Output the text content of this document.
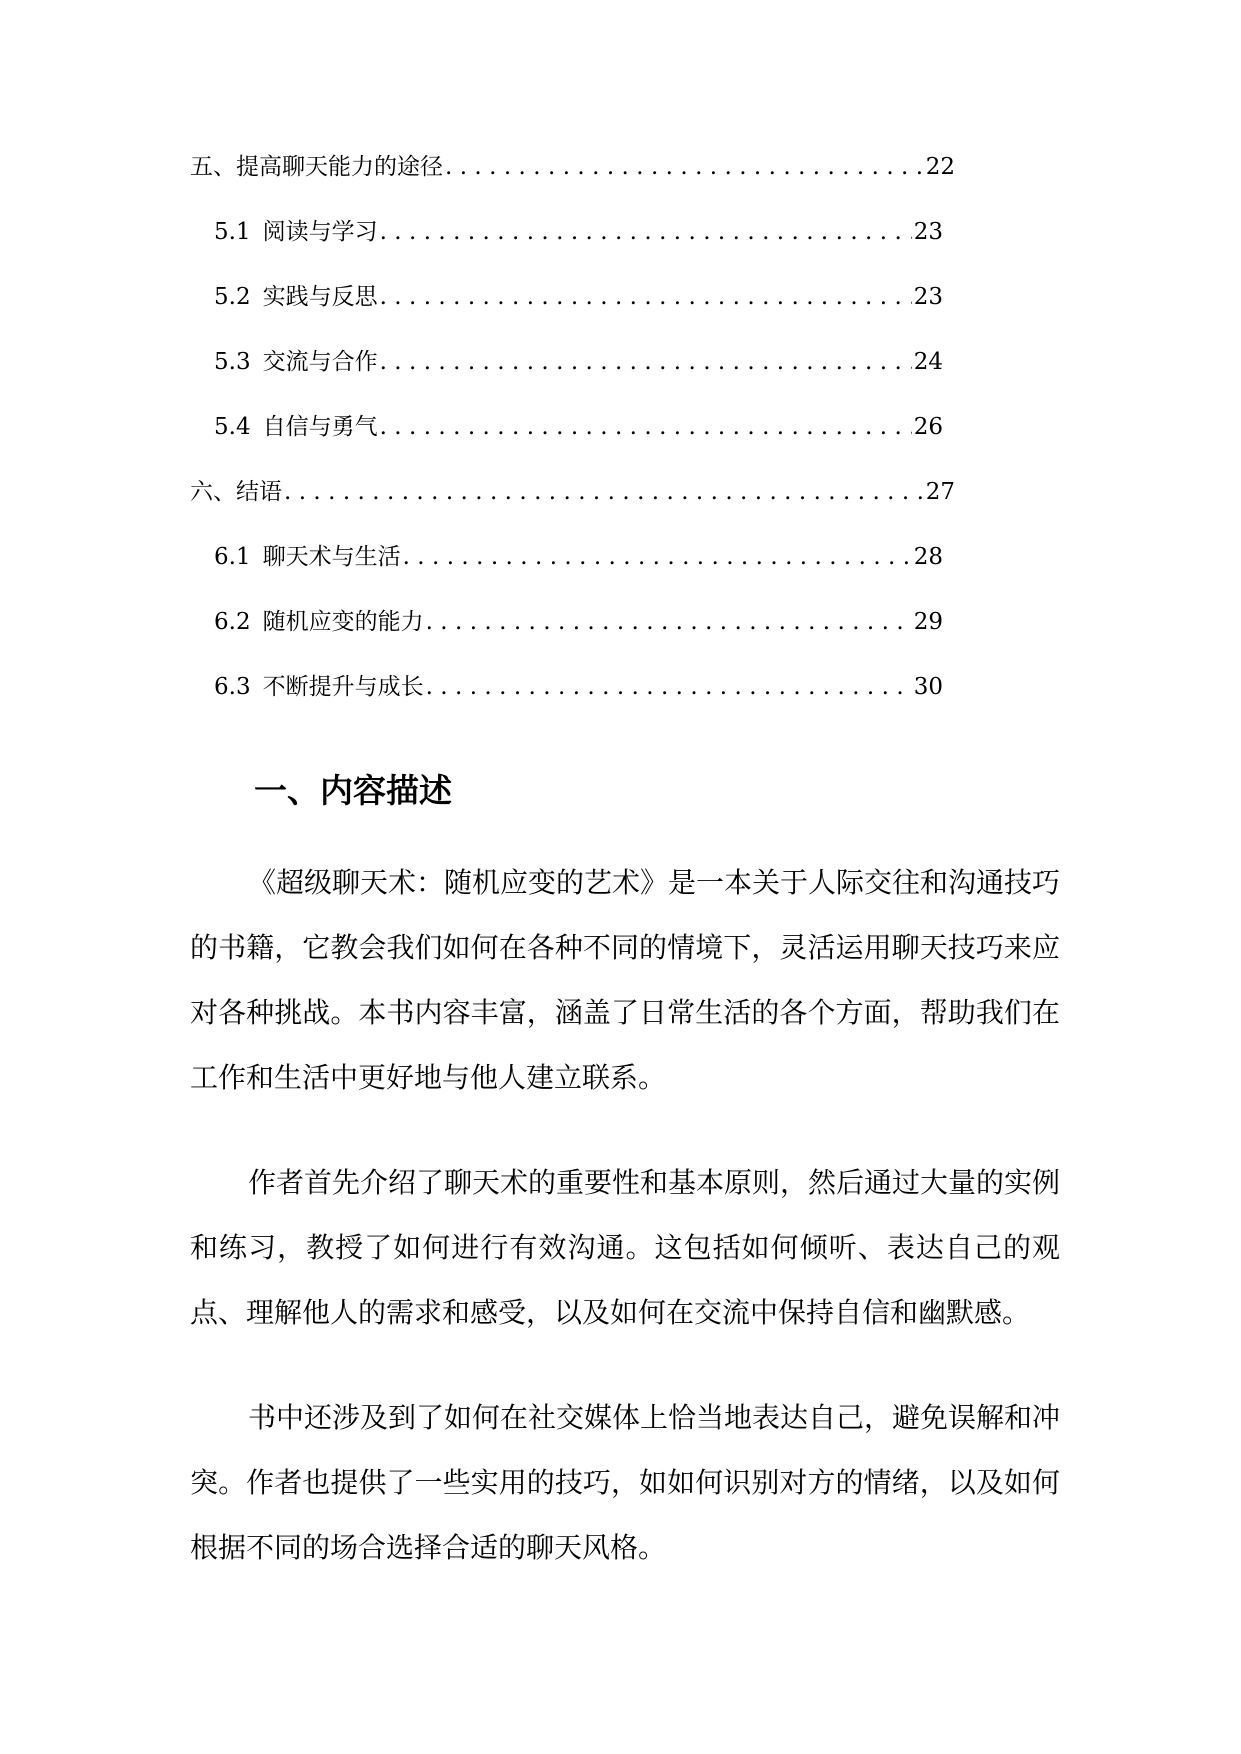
五、提高聊天能力的途径 .....	22
5.1 阅读与学习 .....	23
5.2 实践与反思 .....	23
5.3 交流与合作 .....	24
5.4 自信与勇气 .....	26
六、结语 .....	27
6.1 聊天术与生活 .....	28
6.2 随机应变的能力 .....	29
6.3 不断提升与成长 .....	30
一、内容描述

《超级聊天术：随机应变的艺术》是一本关于人际交往和沟通技巧的书籍，它教会我们如何在各种不同的情境下，灵活运用聊天技巧来应对各种挑战。本书内容丰富，涵盖了日常生活的各个方面，帮助我们在工作和生活中更好地与他人建立联系。

作者首先介绍了聊天术的重要性和基本原则，然后通过大量的实例和练习，教授了如何进行有效沟通。这包括如何倾听、表达自己的观点、理解他人的需求和感受，以及如何在交流中保持自信和幽默感。

书中还涉及到了如何在社交媒体上恰当地表达自己，避免误解和冲突。作者也提供了一些实用的技巧，如如何识别对方的情绪，以及如何根据不同的场合选择合适的聊天风格。
